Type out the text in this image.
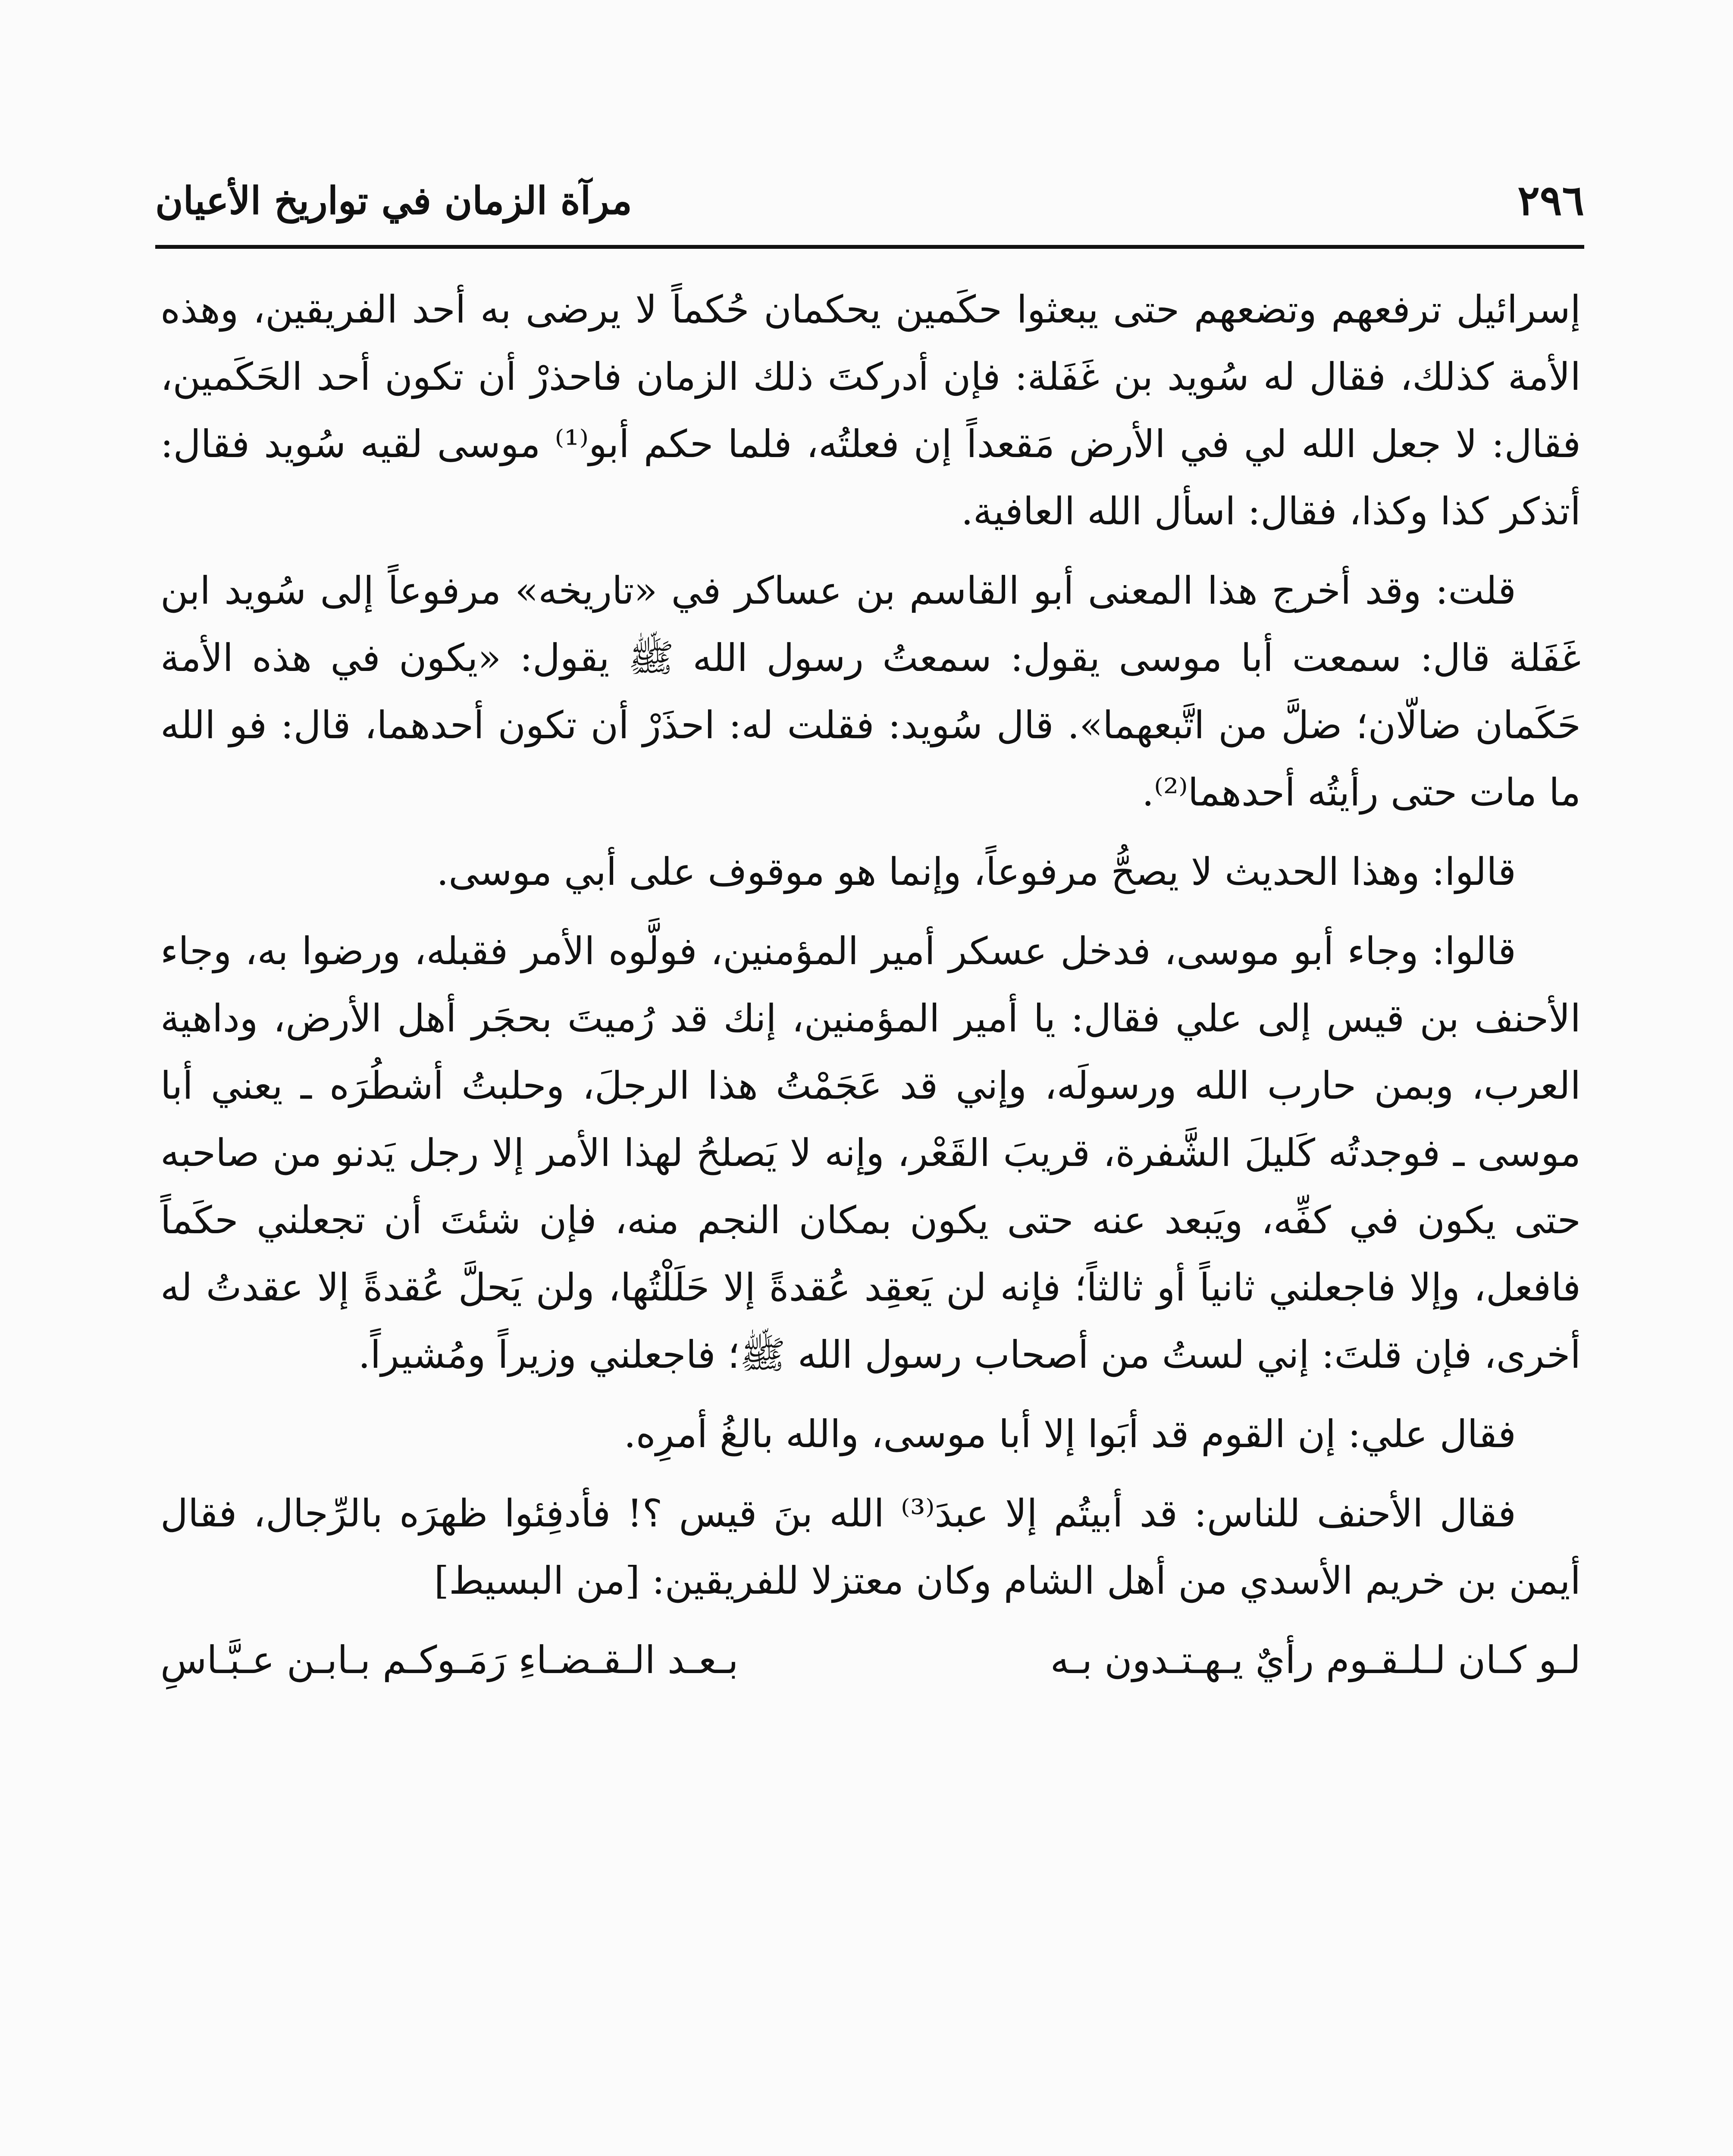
٢٩٦
مرآة الزمان في تواريخ الأعيان

إسرائيل ترفعهم وتضعهم حتى يبعثوا حكَمين يحكمان حُكماً لا يرضى به أحد الفريقين، وهذه الأمة كذلك، فقال له سُويد بن غَفَلة: فإن أدركتَ ذلك الزمان فاحذرْ أن تكون أحد الحَكَمين، فقال: لا جعل الله لي في الأرض مَقعداً إن فعلتُه، فلما حكم أبو⁽¹⁾ موسى لقيه سُويد فقال: أتذكر كذا وكذا، فقال: اسأل الله العافية.

قلت: وقد أخرج هذا المعنى أبو القاسم بن عساكر في «تاريخه» مرفوعاً إلى سُويد ابن غَفَلة قال: سمعت أبا موسى يقول: سمعتُ رسول الله ﷺ يقول: «يكون في هذه الأمة حَكَمان ضالّان؛ ضلَّ من اتَّبعهما». قال سُويد: فقلت له: احذَرْ أن تكون أحدهما، قال: فو الله ما مات حتى رأيتُه أحدهما⁽²⁾.

قالوا: وهذا الحديث لا يصحُّ مرفوعاً، وإنما هو موقوف على أبي موسى.

قالوا: وجاء أبو موسى، فدخل عسكر أمير المؤمنين، فولَّوه الأمر فقبله، ورضوا به، وجاء الأحنف بن قيس إلى علي فقال: يا أمير المؤمنين، إنك قد رُميتَ بحجَر أهل الأرض، وداهية العرب، وبمن حارب الله ورسولَه، وإني قد عَجَمْتُ هذا الرجلَ، وحلبتُ أشطُرَه ـ يعني أبا موسى ـ فوجدتُه كَليلَ الشَّفرة، قريبَ القَعْر، وإنه لا يَصلحُ لهذا الأمر إلا رجل يَدنو من صاحبه حتى يكون في كفِّه، ويَبعد عنه حتى يكون بمكان النجم منه، فإن شئتَ أن تجعلني حكَماً فافعل، وإلا فاجعلني ثانياً أو ثالثاً؛ فإنه لن يَعقِد عُقدةً إلا حَلَلْتُها، ولن يَحلَّ عُقدةً إلا عقدتُ له أخرى، فإن قلتَ: إني لستُ من أصحاب رسول الله ﷺ؛ فاجعلني وزيراً ومُشيراً.

فقال علي: إن القوم قد أبَوا إلا أبا موسى، والله بالغُ أمرِه.

فقال الأحنف للناس: قد أبيتُم إلا عبدَ⁽³⁾ الله بنَ قيس ؟! فأدفِئوا ظهرَه بالرِّجال، فقال أيمن بن خريم الأسدي من أهل الشام وكان معتزلا للفريقين: [من البسيط]

لـو كـان لـلـقـوم رأيٌ يـهـتـدون بـه
بـعـد الـقـضـاءِ رَمَـوكـم بـابـن عـبَّـاسِ
